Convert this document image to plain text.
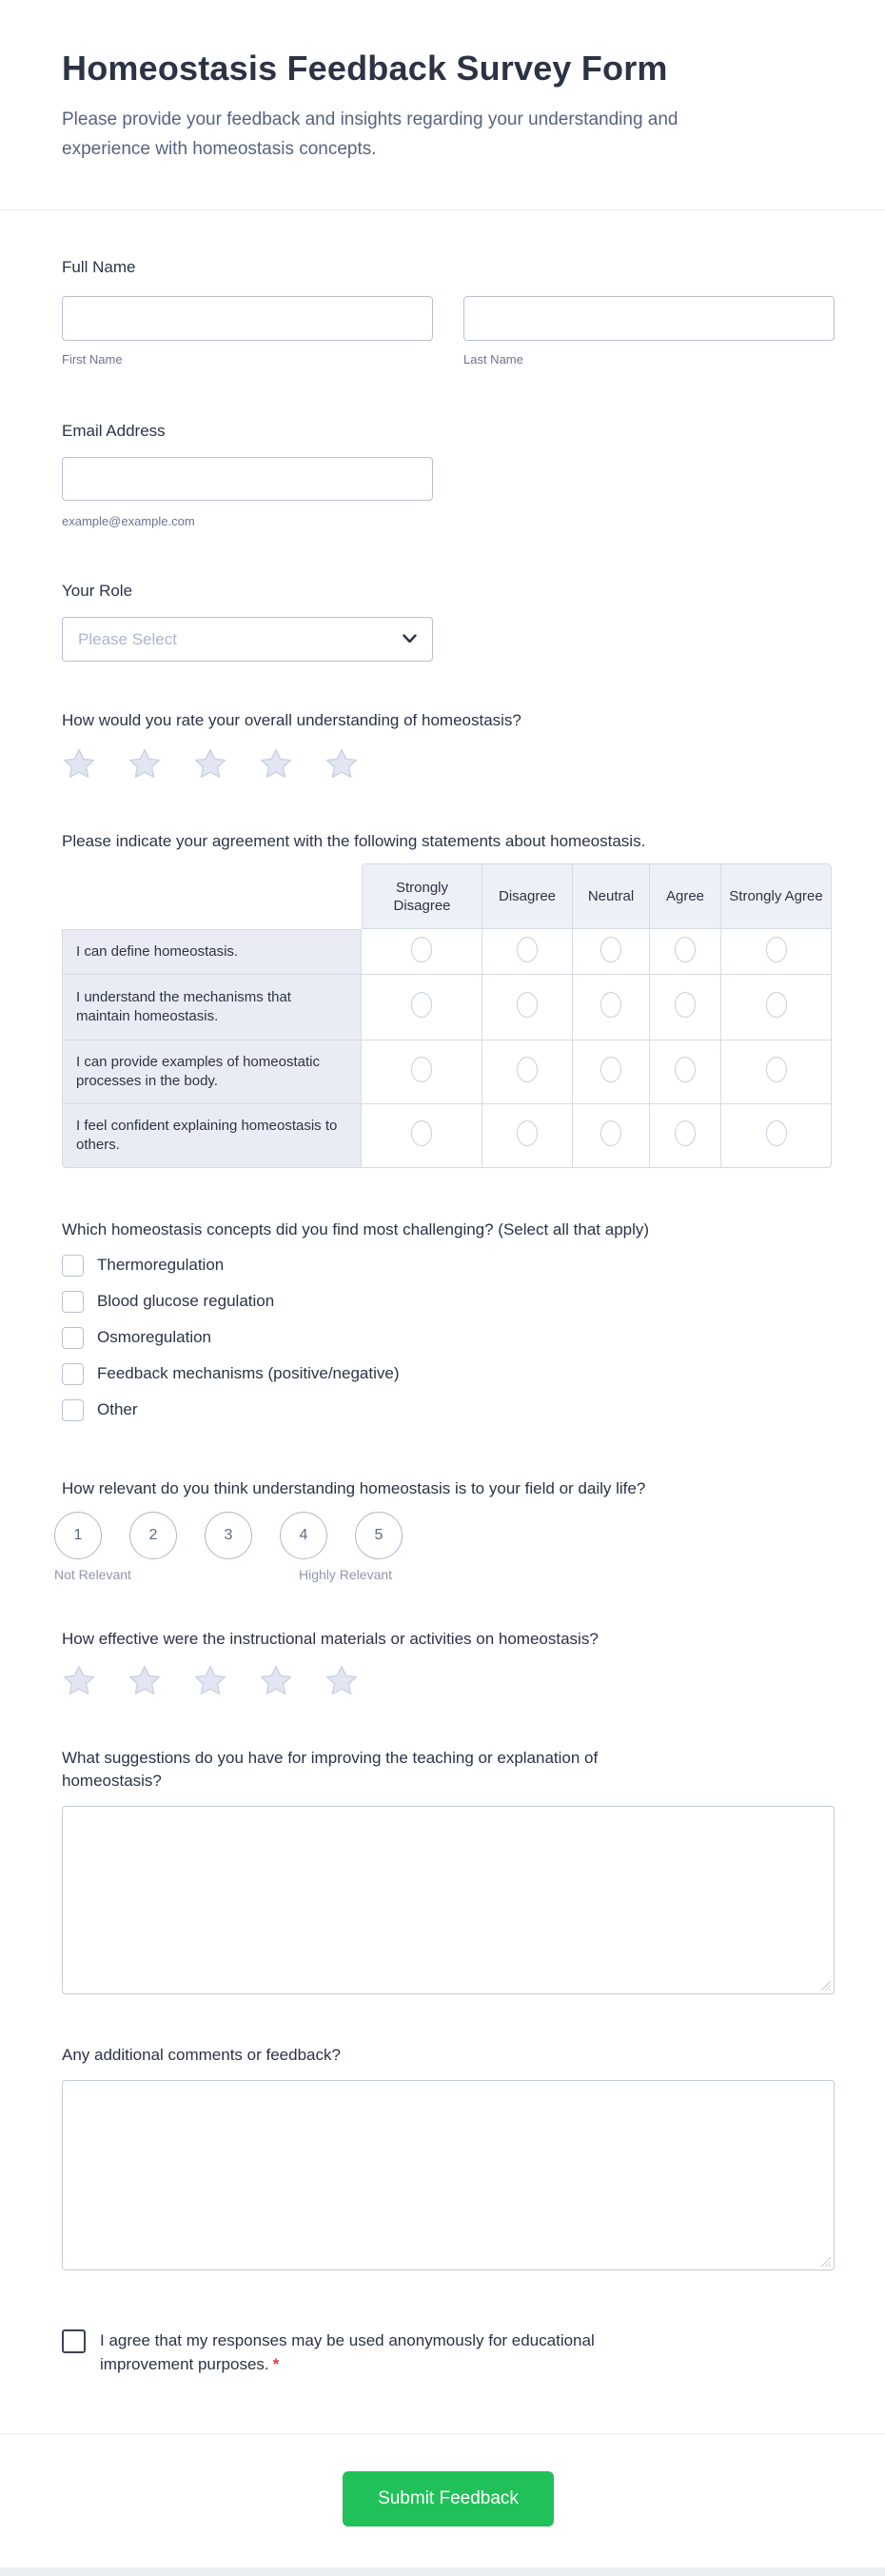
Homeostasis Feedback Survey Form
Please provide your feedback and insights regarding your understanding and experience with homeostasis concepts.
Full Name
First Name	Last Name
Email Address
example@example.com
Your Role
Please Select
How would you rate your overall understanding of homeostasis?
Please indicate your agreement with the following statements about homeostasis.
	Strongly Disagree	Disagree	Neutral	Agree	Strongly Agree
I can define homeostasis.					
I understand the mechanisms that maintain homeostasis.					
I can provide examples of homeostatic processes in the body.					
I feel confident explaining homeostasis to others.					
Which homeostasis concepts did you find most challenging? (Select all that apply)
Thermoregulation
Blood glucose regulation
Osmoregulation
Feedback mechanisms (positive/negative)
Other
How relevant do you think understanding homeostasis is to your field or daily life?
1	2	3	4	5
Not Relevant	Highly Relevant
How effective were the instructional materials or activities on homeostasis?
What suggestions do you have for improving the teaching or explanation of homeostasis?
Any additional comments or feedback?
I agree that my responses may be used anonymously for educational improvement purposes. *
Submit Feedback
